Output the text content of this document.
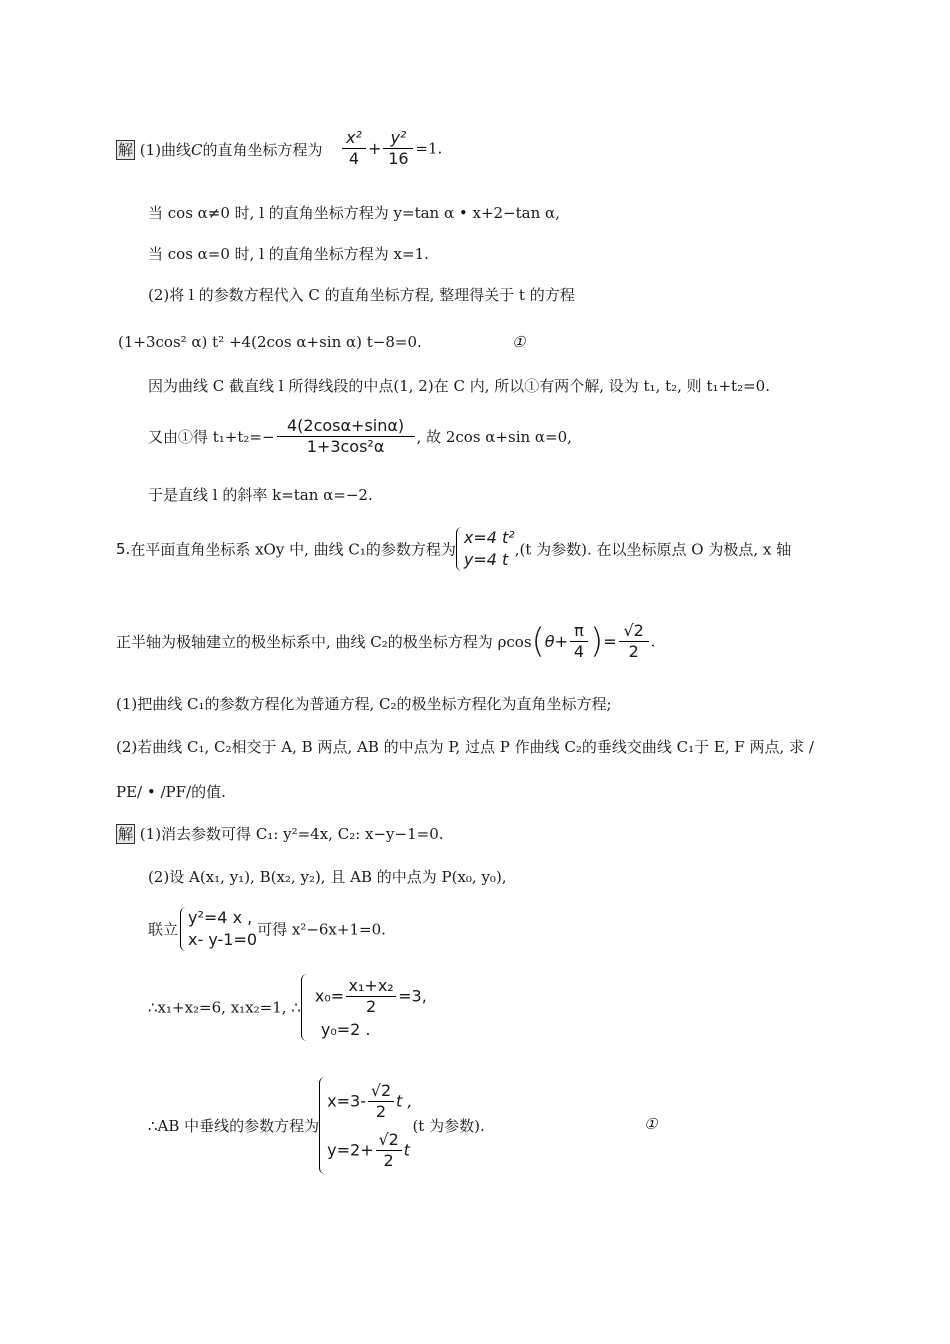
解 (1)曲线C的直角坐标方程为 $\frac{\text{x²}}{4} + \frac{\text{y²}}{16} =1$.
当 cos α≠0 时, l 的直角坐标方程为 y=tan α • x+2−tan α,
当 cos α=0 时, l 的直角坐标方程为 x=1.
(2)将 l 的参数方程代入 C 的直角坐标方程, 整理得关于 t 的方程
(1+3cos² α) t² +4(2cos α+sin α) t−8=0.	①
因为曲线 C 截直线 l 所得线段的中点(1, 2)在 C 内, 所以①有两个解, 设为 t₁, t₂, 则 t₁+t₂=0.
又由①得 $t_1+t_2=- \frac{4(2\cos\alpha+\sin\alpha)}{\text{1+3cos²α}}$ , 故 2cos α+sin α=0,
于是直线 l 的斜率 k=tan α=−2.
5.在平面直角坐标系 xOy 中, 曲线 C₁的参数方程为
x=4 t²
y=4 t
,(t 为参数). 在以坐标原点 O 为极点, x 轴
正半轴为极轴建立的极坐标系中, 曲线 C₂的极坐标方程为 $\rho\cos(\theta+ \frac{\pi}{4}$ )= $\frac{√2}{2}$ .
(1)把曲线 C₁的参数方程化为普通方程, C₂的极坐标方程化为直角坐标方程;
(2)若曲线 C₁, C₂相交于 A, B 两点, AB 的中点为 P, 过点 P 作曲线 C₂的垂线交曲线 C₁于 E, F 两点, 求 /
PE/ • /PF/的值.
解 (1)消去参数可得 C₁: y²=4x, C₂: x−y−1=0.
(2)设 A(x₁, y₁), B(x₂, y₂), 且 AB 的中点为 P(x₀, y₀),
联立
y²=4 x ,
x- y-1=0
可得 x²−6x+1=0.
∴x₁+x₂=6, x₁x₂=1, ∴
$x_0= \frac{\text{x₁+x₂}}{2} =3$,
y₀=2 .
∴AB 中垂线的参数方程为
$x=3- \frac{√2}{2}$ t ,
$y=2+ \frac{√2}{2}$ t
(t 为参数).	①
